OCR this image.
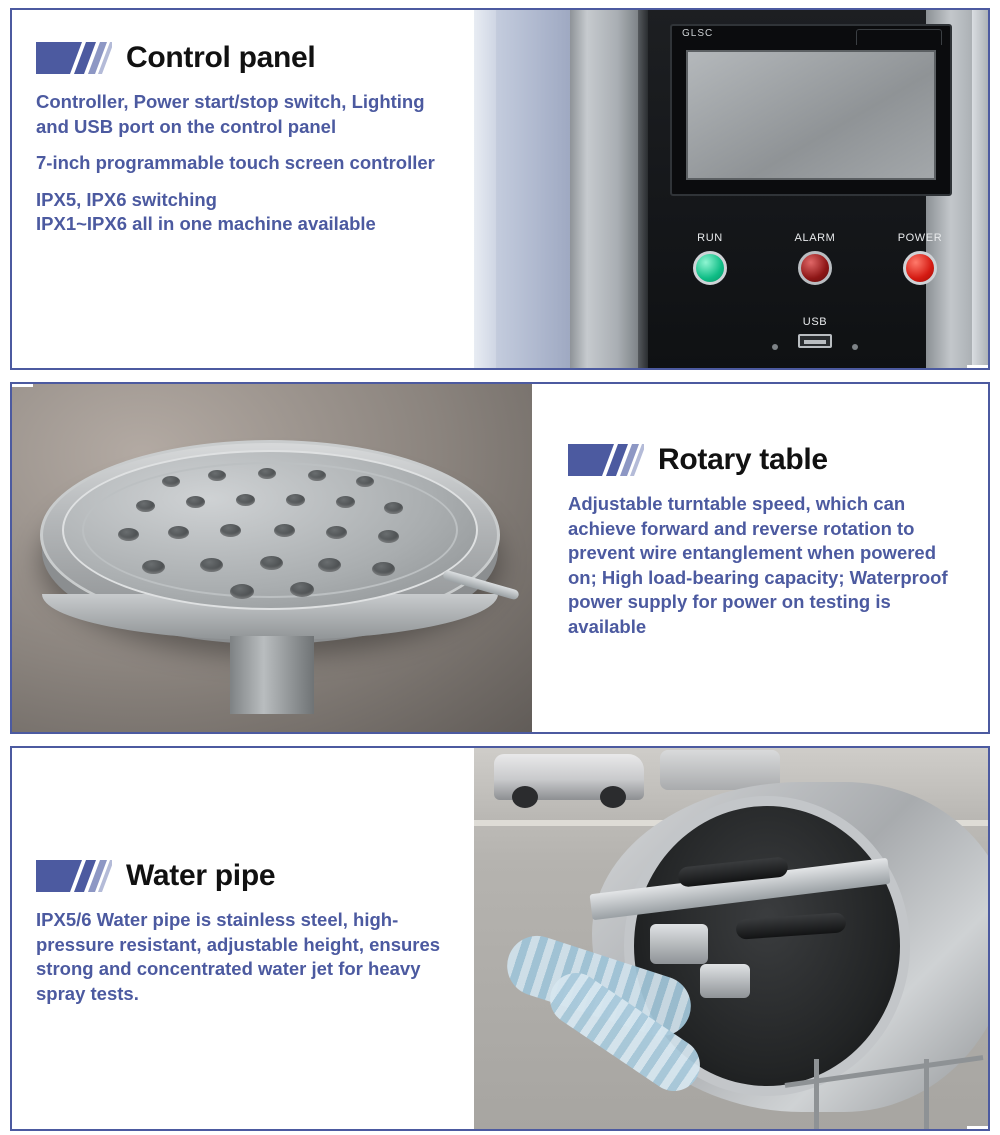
Control panel

Controller, Power start/stop switch, Lighting and USB port on the control panel

7-inch programmable touch screen controller

IPX5, IPX6 switching

IPX1~IPX6 all in one machine available

GLSC
RUN	ALARM	POWER
USB
Rotary table

Adjustable turntable speed, which can achieve forward and reverse rotation to prevent wire entanglement when powered on; High load-bearing capacity; Waterproof power supply for power on testing is available

Water pipe

IPX5/6 Water pipe is stainless steel, high-pressure resistant, adjustable height, ensures strong and concentrated water jet for heavy spray tests.
